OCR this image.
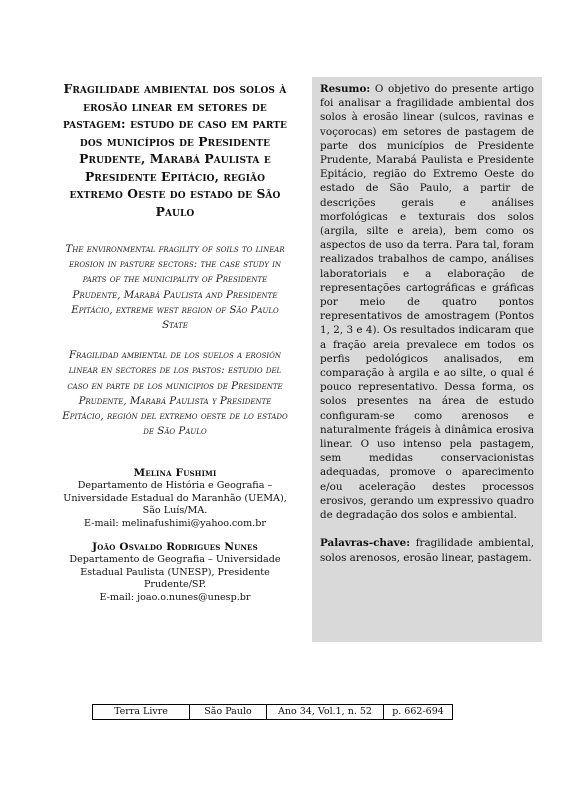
Fragilidade ambiental dos solos à erosão linear em setores de pastagem: estudo de caso em parte dos municípios de Presidente Prudente, Marabá Paulista e Presidente Epitácio, região extremo Oeste do estado de São Paulo

The environmental fragility of soils to linear erosion in pasture sectors: the case study in parts of the municipality of Presidente Prudente, Marabá Paulista and Presidente Epitácio, extreme west region of São Paulo State

Fragilidad ambiental de los suelos a erosión linear en sectores de los pastos: estudio del caso en parte de los municipios de Presidente Prudente, Marabá Paulista y Presidente Epitácio, región del extremo oeste de lo estado de São Paulo

Melina Fushimi
Departamento de História e Geografia – Universidade Estadual do Maranhão (UEMA), São Luís/MA.
E-mail: melinafushimi@yahoo.com.br
João Osvaldo Rodrigues Nunes
Departamento de Geografia – Universidade Estadual Paulista (UNESP), Presidente Prudente/SP.
E-mail: joao.o.nunes@unesp.br
Resumo: O objetivo do presente artigo foi analisar a fragilidade ambiental dos solos à erosão linear (sulcos, ravinas e voçorocas) em setores de pastagem de parte dos municípios de Presidente Prudente, Marabá Paulista e Presidente Epitácio, região do Extremo Oeste do estado de São Paulo, a partir de descrições gerais e análises morfológicas e texturais dos solos (argila, silte e areia), bem como os aspectos de uso da terra. Para tal, foram realizados trabalhos de campo, análises laboratoriais e a elaboração de representações cartográficas e gráficas por meio de quatro pontos representativos de amostragem (Pontos 1, 2, 3 e 4). Os resultados indicaram que a fração areia prevalece em todos os perfis pedológicos analisados, em comparação à argila e ao silte, o qual é pouco representativo. Dessa forma, os solos presentes na área de estudo configuram-se como arenosos e naturalmente frágeis à dinâmica erosiva linear. O uso intenso pela pastagem, sem medidas conservacionistas adequadas, promove o aparecimento e/ou aceleração destes processos erosivos, gerando um expressivo quadro de degradação dos solos e ambiental.
Palavras-chave: fragilidade ambiental, solos arenosos, erosão linear, pastagem.
Terra Livre	São Paulo	Ano 34, Vol.1, n. 52	p. 662-694
